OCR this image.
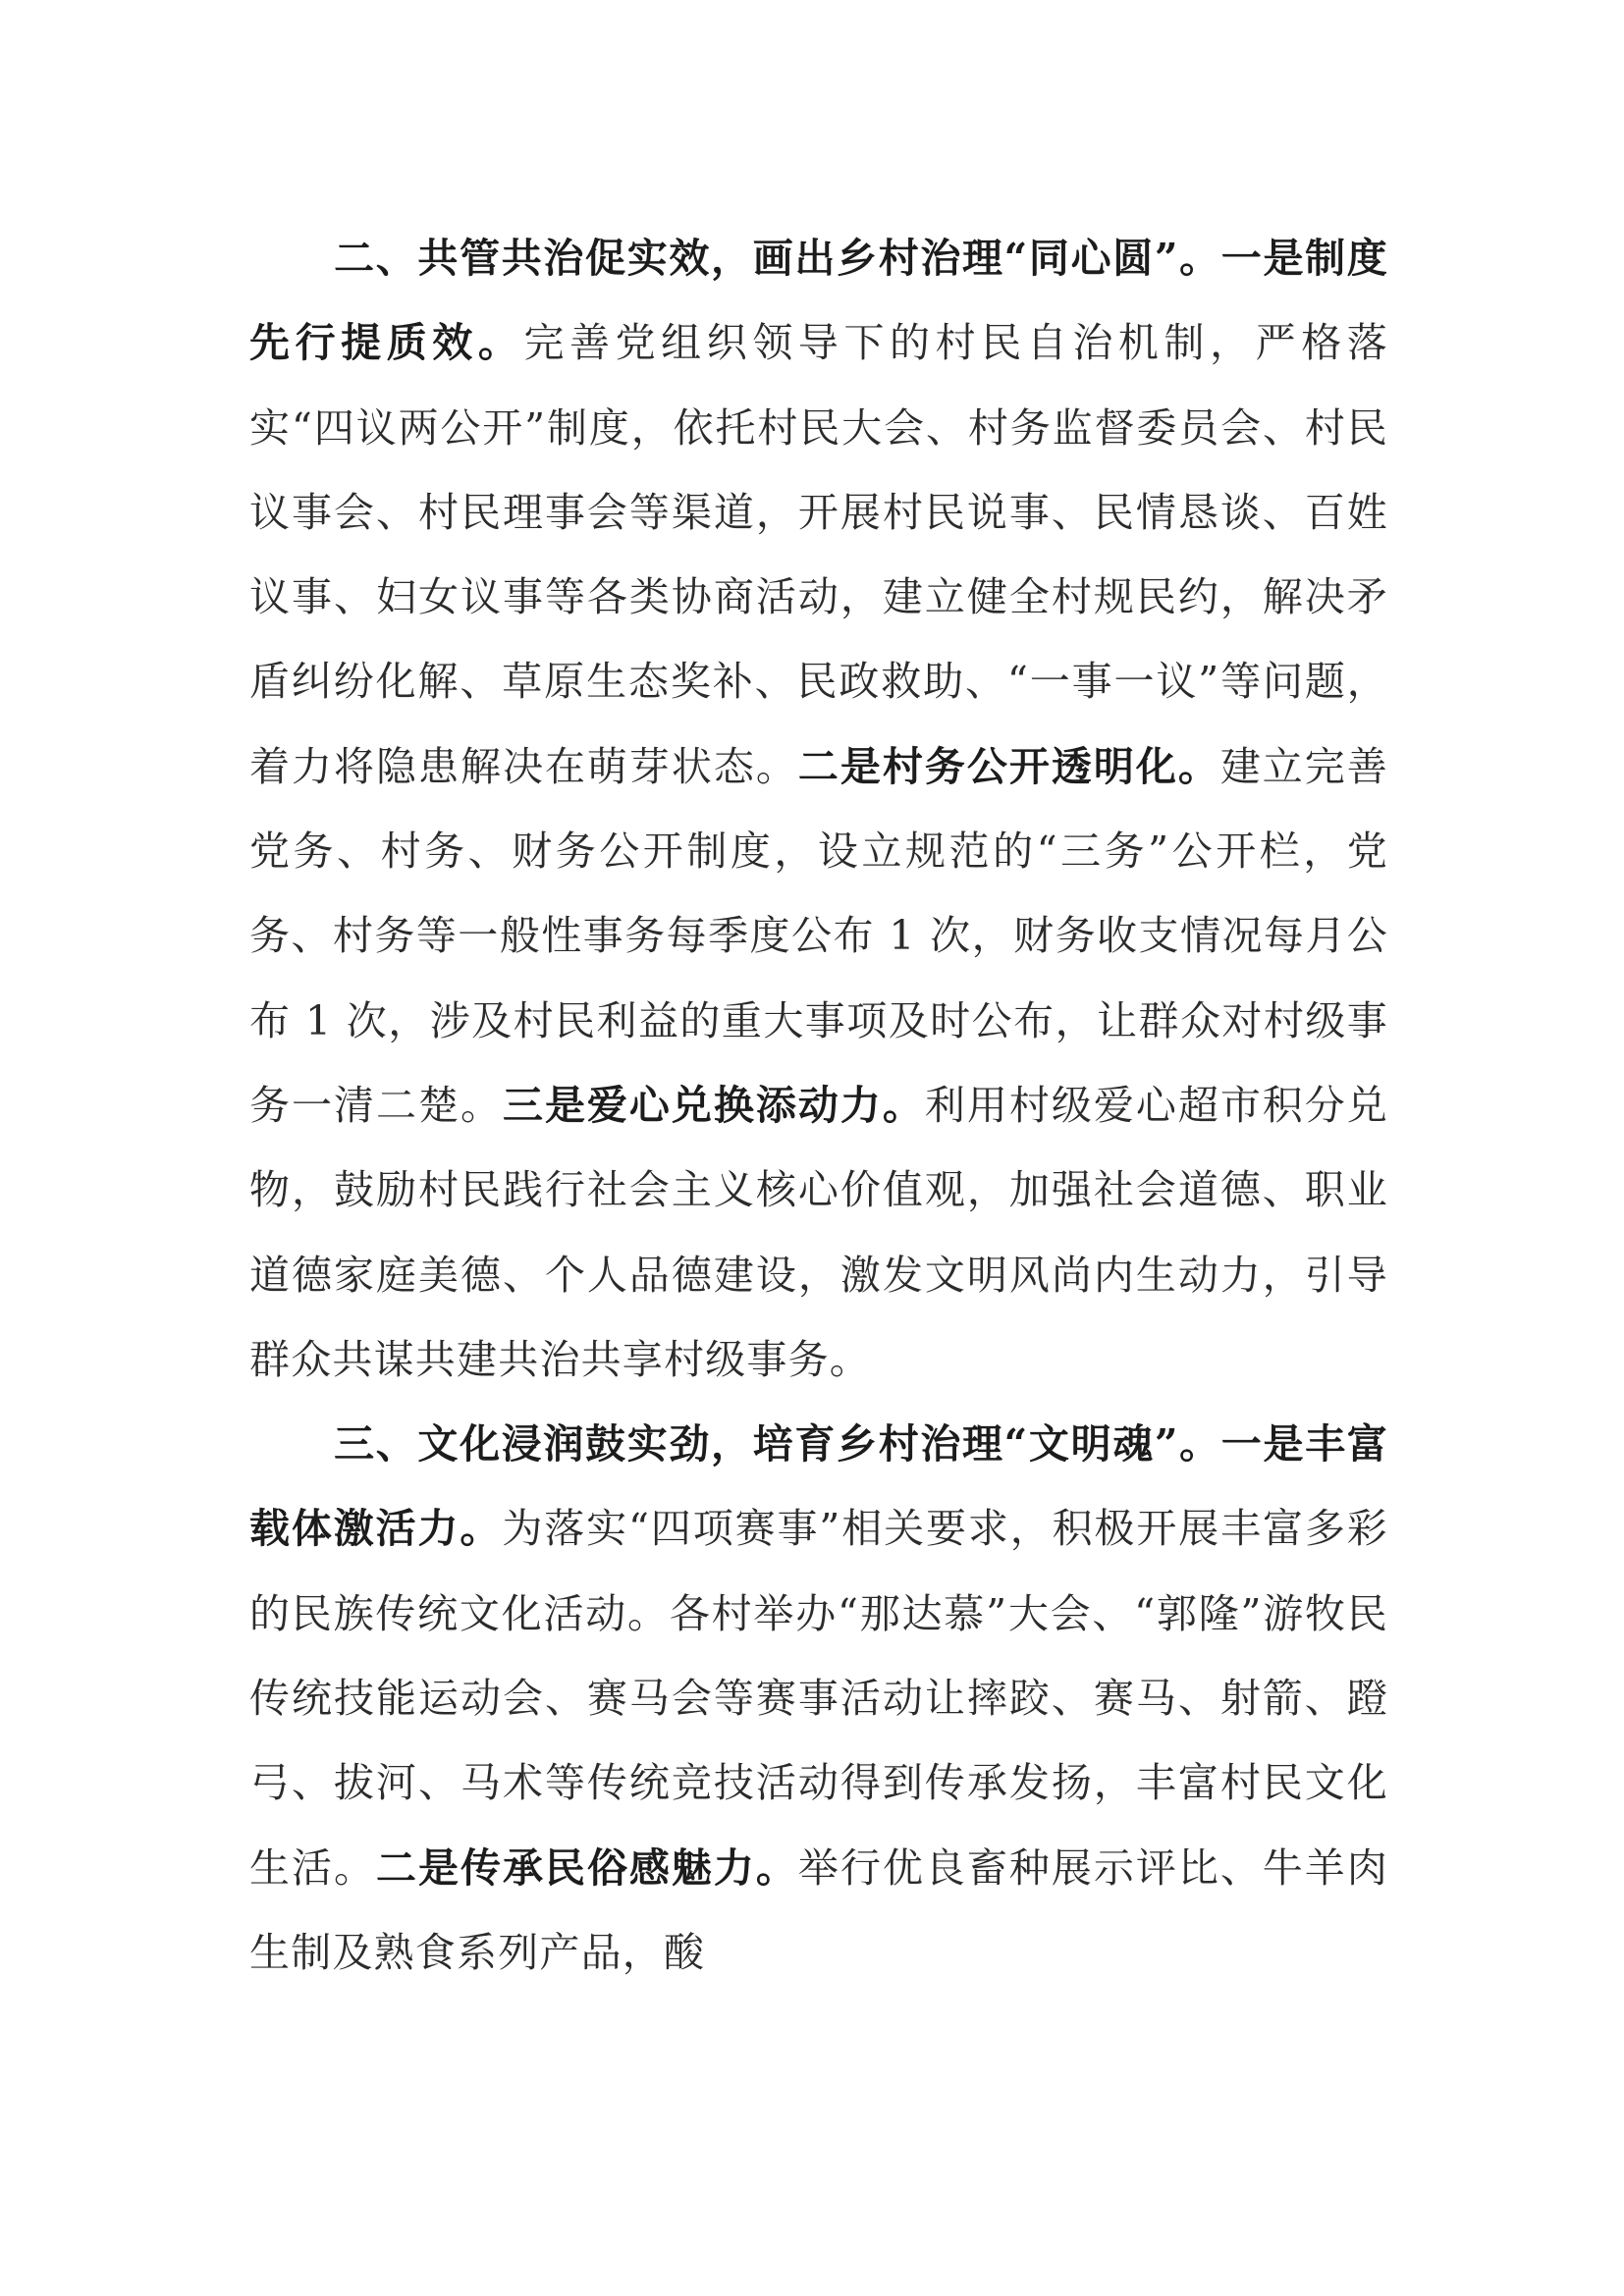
二、共管共治促实效，画出乡村治理“同心圆”。一是制度先行提质效。完善党组织领导下的村民自治机制，严格落实“四议两公开”制度，依托村民大会、村务监督委员会、村民议事会、村民理事会等渠道，开展村民说事、民情恳谈、百姓议事、妇女议事等各类协商活动，建立健全村规民约，解决矛盾纠纷化解、草原生态奖补、民政救助、“一事一议”等问题，着力将隐患解决在萌芽状态。二是村务公开透明化。建立完善党务、村务、财务公开制度，设立规范的“三务”公开栏，党务、村务等一般性事务每季度公布 1 次，财务收支情况每月公布 1 次，涉及村民利益的重大事项及时公布，让群众对村级事务一清二楚。三是爱心兑换添动力。利用村级爱心超市积分兑物，鼓励村民践行社会主义核心价值观，加强社会道德、职业道德家庭美德、个人品德建设，激发文明风尚内生动力，引导群众共谋共建共治共享村级事务。

三、文化浸润鼓实劲，培育乡村治理“文明魂”。一是丰富载体激活力。为落实“四项赛事”相关要求，积极开展丰富多彩的民族传统文化活动。各村举办“那达慕”大会、“郭隆”游牧民传统技能运动会、赛马会等赛事活动让摔跤、赛马、射箭、蹬弓、拔河、马术等传统竞技活动得到传承发扬，丰富村民文化生活。二是传承民俗感魅力。举行优良畜种展示评比、牛羊肉生制及熟食系列产品，酸
